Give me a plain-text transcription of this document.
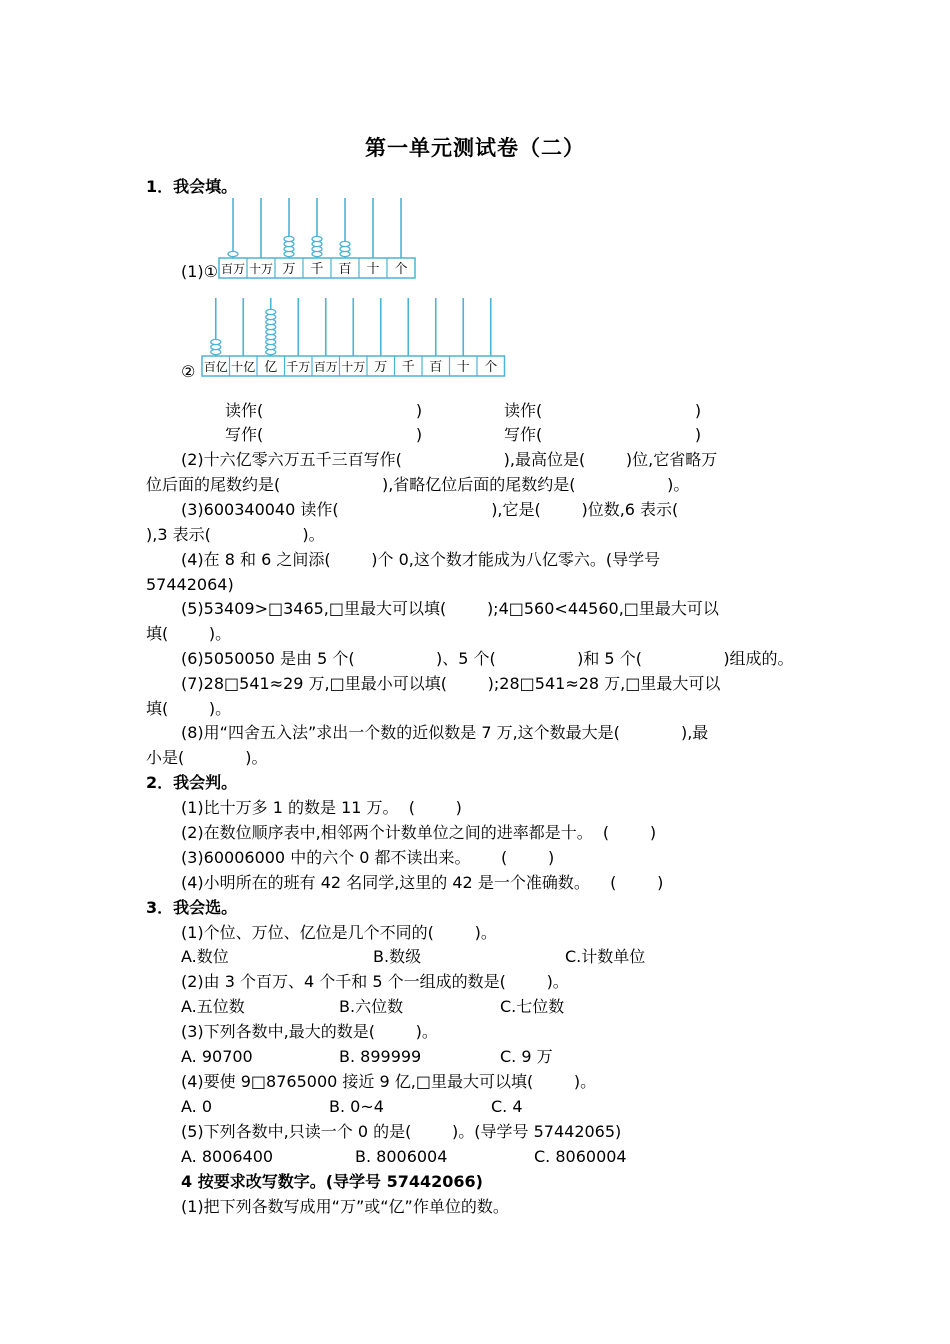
第一单元测试卷（二）
1．我会填。
(1)① 百万 十万 万 千 百 十 个
② 百亿 十亿 亿 千万 百万 十万 万 千 百 十 个
读作(                              )	读作(                              )
写作(                              )	写作(                              )
(2)十六亿零六万五千三百写作(                    ),最高位是(        )位,它省略万
位后面的尾数约是(                    ),省略亿位后面的尾数约是(                  )。
(3)600340040 读作(                              ),它是(        )位数,6 表示(
),3 表示(                  )。
(4)在 8 和 6 之间添(        )个 0,这个数才能成为八亿零六。(导学号
57442064)
(5)53409>□3465,□里最大可以填(        );4□560<44560,□里最大可以
填(        )。
(6)5050050 是由 5 个(                )、5 个(                )和 5 个(                )组成的。
(7)28□541≈29 万,□里最小可以填(        );28□541≈28 万,□里最大可以
填(        )。
(8)用“四舍五入法”求出一个数的近似数是 7 万,这个数最大是(            ),最
小是(            )。
2．我会判。
(1)比十万多 1 的数是 11 万。  (        )
(2)在数位顺序表中,相邻两个计数单位之间的进率都是十。  (        )
(3)60006000 中的六个 0 都不读出来。      (        )
(4)小明所在的班有 42 名同学,这里的 42 是一个准确数。    (        )
3．我会选。
(1)个位、万位、亿位是几个不同的(        )。
A.数位	B.数级	C.计数单位
(2)由 3 个百万、4 个千和 5 个一组成的数是(        )。
A.五位数	B.六位数	C.七位数
(3)下列各数中,最大的数是(        )。
A. 90700	B. 899999	C. 9 万
(4)要使 9□8765000 接近 9 亿,□里最大可以填(        )。
A. 0	B. 0~4	C. 4
(5)下列各数中,只读一个 0 的是(        )。(导学号 57442065)
A. 8006400	B. 8006004	C. 8060004
4 按要求改写数字。(导学号 57442066)
(1)把下列各数写成用“万”或“亿”作单位的数。
